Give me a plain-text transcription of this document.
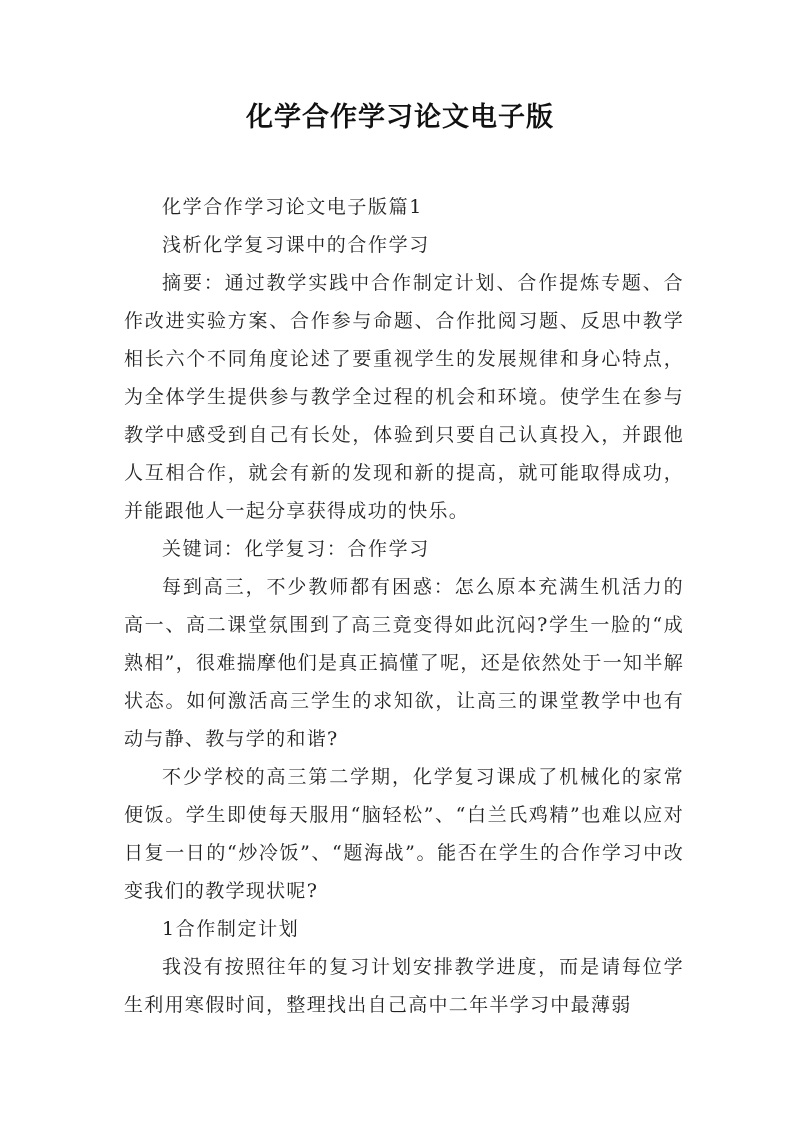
化学合作学习论文电子版

化学合作学习论文电子版篇1

浅析化学复习课中的合作学习

摘要：通过教学实践中合作制定计划、合作提炼专题、合作改进实验方案、合作参与命题、合作批阅习题、反思中教学相长六个不同角度论述了要重视学生的发展规律和身心特点，为全体学生提供参与教学全过程的机会和环境。使学生在参与教学中感受到自己有长处，体验到只要自己认真投入，并跟他人互相合作，就会有新的发现和新的提高，就可能取得成功，并能跟他人一起分享获得成功的快乐。

关键词：化学复习：合作学习

每到高三，不少教师都有困惑：怎么原本充满生机活力的高一、高二课堂氛围到了高三竟变得如此沉闷?学生一脸的“成熟相”，很难揣摩他们是真正搞懂了呢，还是依然处于一知半解状态。如何激活高三学生的求知欲，让高三的课堂教学中也有动与静、教与学的和谐?

不少学校的高三第二学期，化学复习课成了机械化的家常便饭。学生即使每天服用“脑轻松”、“白兰氏鸡精”也难以应对日复一日的“炒冷饭”、“题海战”。能否在学生的合作学习中改变我们的教学现状呢?

1合作制定计划

我没有按照往年的复习计划安排教学进度，而是请每位学生利用寒假时间，整理找出自己高中二年半学习中最薄弱
